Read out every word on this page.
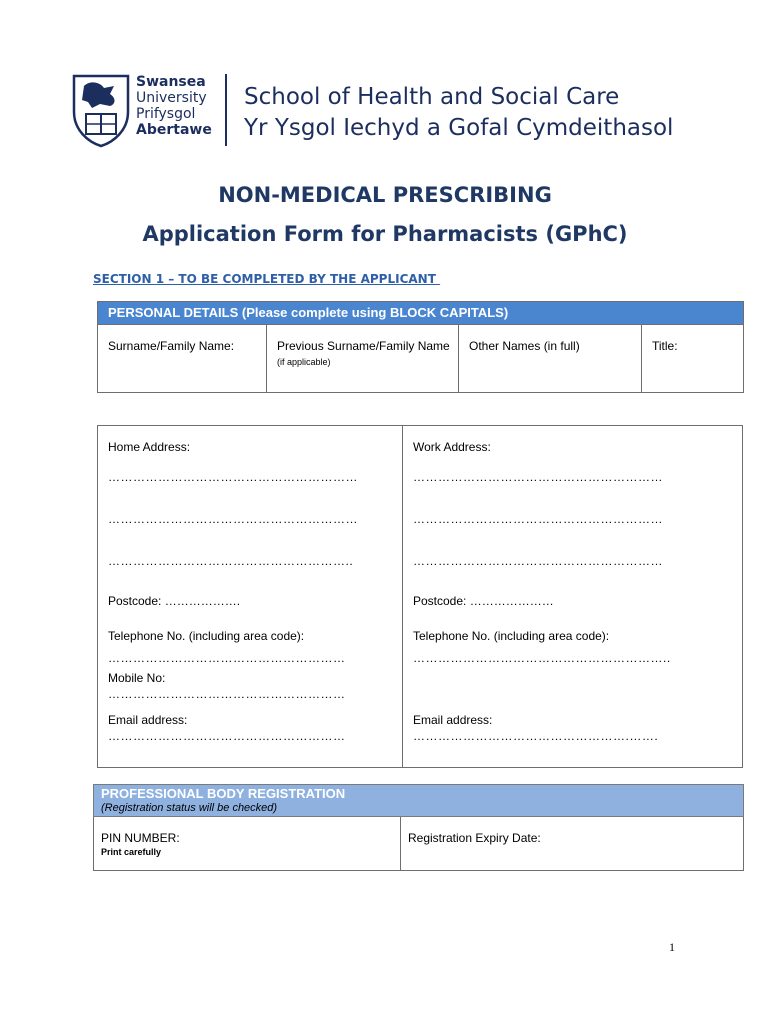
Swansea
University
Prifysgol
Abertawe
School of Health and Social Care
Yr Ysgol Iechyd a Gofal Cymdeithasol
NON-MEDICAL PRESCRIBING
Application Form for Pharmacists (GPhC)
SECTION 1 – TO BE COMPLETED BY THE APPLICANT
PERSONAL DETAILS (Please complete using BLOCK CAPITALS)
Surname/Family Name:	Previous Surname/Family Name (if applicable)	Other Names (in full)	Title:
Home Address:
……………………………………………………
……………………………………………………
…………………………………………………..
Postcode: ……………….
Telephone No. (including area code):
…………………………………………………
Mobile No:
…………………………………………………
Email address:
…………………………………………………
Work Address:
……………………………………………………
……………………………………………………
……………………………………………………
Postcode: …………………
Telephone No. (including area code):
……………………………………………………..
Email address:
…………………………………………….…….
PROFESSIONAL BODY REGISTRATION
(Registration status will be checked)

PIN NUMBER:
Print carefully
	Registration Expiry Date:
1
